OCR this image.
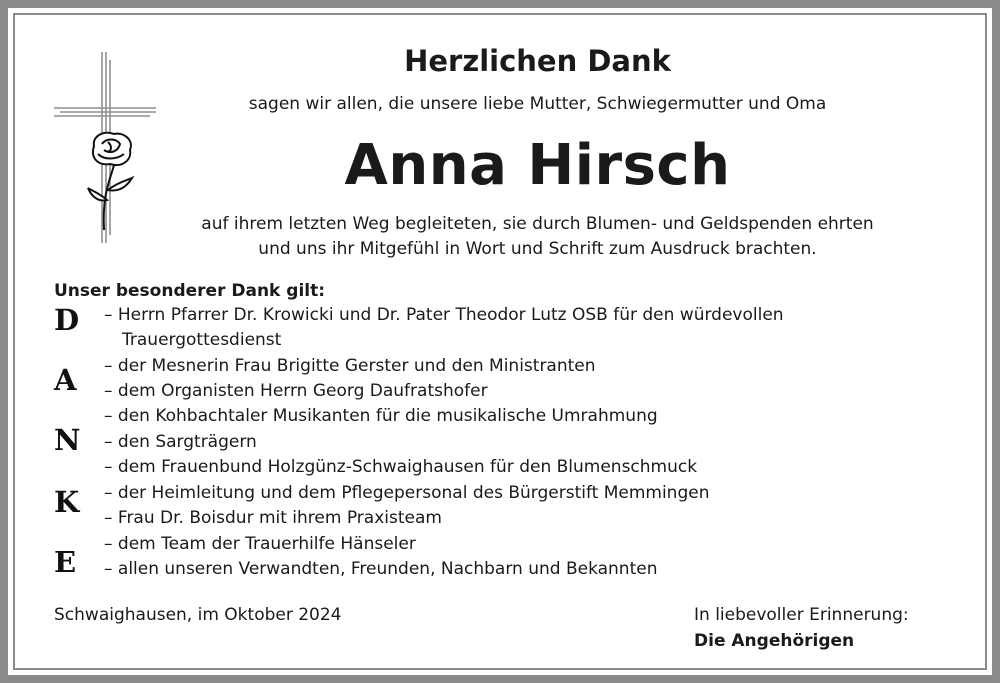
Herzlichen Dank
sagen wir allen, die unsere liebe Mutter, Schwiegermutter und Oma
Anna Hirsch
auf ihrem letzten Weg begleiteten, sie durch Blumen- und Geldspenden ehrten
und uns ihr Mitgefühl in Wort und Schrift zum Ausdruck brachten.
Unser besonderer Dank gilt:
D
A
N
K
E
– Herrn Pfarrer Dr. Krowicki und Dr. Pater Theodor Lutz OSB für den würdevollen
Trauergottesdienst
– der Mesnerin Frau Brigitte Gerster und den Ministranten
– dem Organisten Herrn Georg Daufratshofer
– den Kohbachtaler Musikanten für die musikalische Umrahmung
– den Sargträgern
– dem Frauenbund Holzgünz-Schwaighausen für den Blumenschmuck
– der Heimleitung und dem Pflegepersonal des Bürgerstift Memmingen
– Frau Dr. Boisdur mit ihrem Praxisteam
– dem Team der Trauerhilfe Hänseler
– allen unseren Verwandten, Freunden, Nachbarn und Bekannten
Schwaighausen, im Oktober 2024	In liebevoller Erinnerung:
Die Angehörigen
